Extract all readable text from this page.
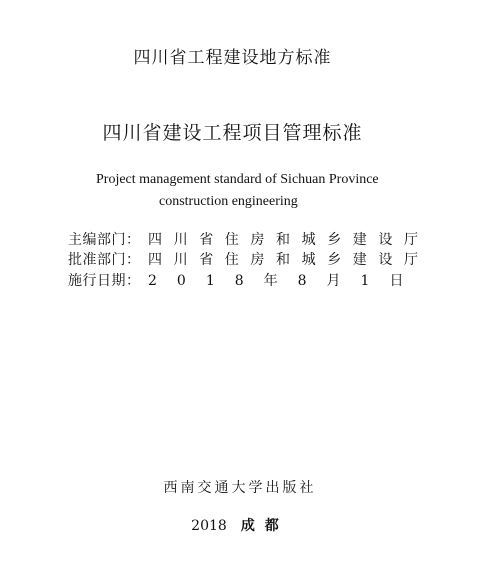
四川省工程建设地方标准
四川省建设工程项目管理标准
Project management standard of Sichuan Province
construction engineering
主编部门： 四川省住房和城乡建设厅
批准部门： 四川省住房和城乡建设厅
施行日期： 2018年8月1日
西南交通大学出版社
2018 成都
